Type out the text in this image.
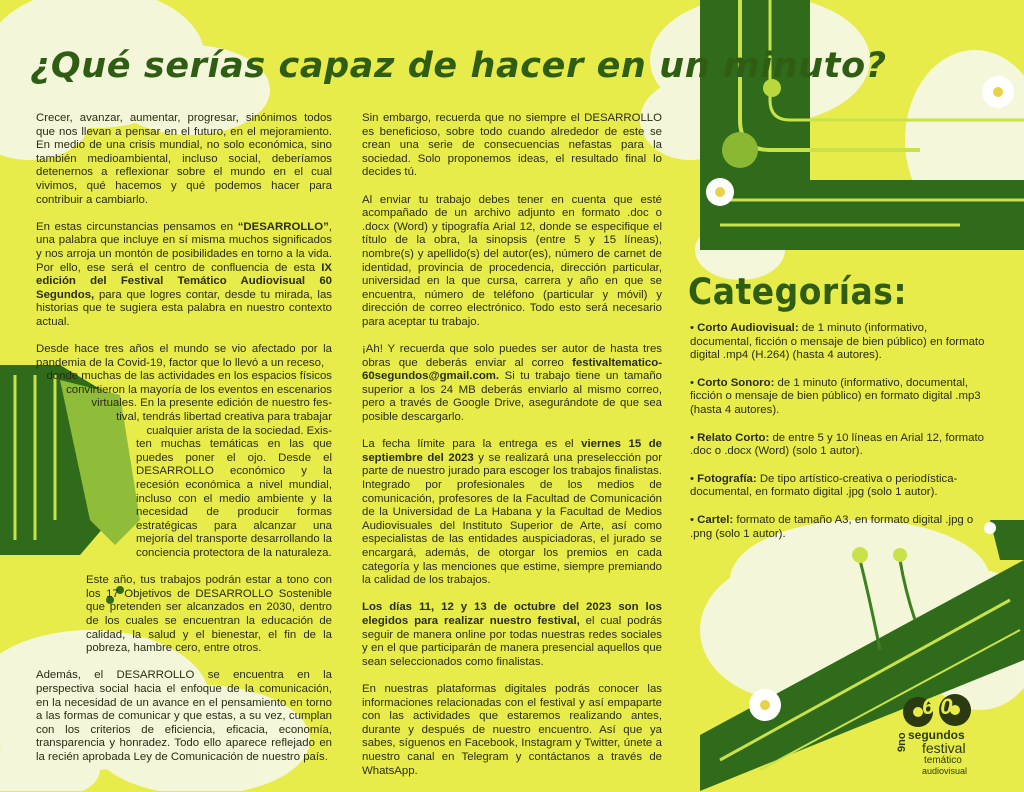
¿Qué serías capaz de hacer en un minuto?

Crecer, avanzar, aumentar, progresar, sinónimos todos que nos llevan a pensar en el futuro, en el mejoramiento. En medio de una crisis mundial, no solo económica, sino también medioambiental, incluso social, deberíamos detenernos a reflexionar sobre el mundo en el cual vivimos, qué hacemos y qué podemos hacer para contribuir a cambiarlo.

En estas circunstancias pensamos en “DESARROLLO”, una palabra que incluye en sí misma muchos significados y nos arroja un montón de posibilidades en torno a la vida. Por ello, ese será el centro de confluencia de esta IX edición del Festival Temático Audiovisual 60 Segundos, para que logres contar, desde tu mirada, las historias que te sugiera esta palabra en nuestro contexto actual.

Desde hace tres años el mundo se vio afectado por la pandemia de la Covid-19, factor que lo llevó a un receso,

donde muchas de las actividades en los espacios físicos
convirtieron la mayoría de los eventos en escenarios
virtuales. En la presente edición de nuestro fes-
tival, tendrás libertad creativa para trabajar
cualquier arista de la sociedad. Exis-
ten muchas temáticas en las que puedes poner el ojo. Desde el DESARROLLO económico y la recesión económica a nivel mundial, incluso con el medio ambiente y la necesidad de producir formas estratégicas para alcanzar una mejoría del transporte desarrollando la conciencia protectora de la naturaleza.

Este año, tus trabajos podrán estar a tono con los 17 Objetivos de DESARROLLO Sostenible que pretenden ser alcanzados en 2030, dentro de los cuales se encuentran la educación de calidad, la salud y el bienestar, el fin de la pobreza, hambre cero, entre otros.

Además, el DESARROLLO se encuentra en la perspectiva social hacia el enfoque de la comunicación, en la necesidad de un avance en el pensamiento en torno a las formas de comunicar y que estas, a su vez, cumplan con los criterios de eficiencia, eficacia, economía, transparencia y honradez. Todo ello aparece reflejado en la recién aprobada Ley de Comunicación de nuestro país.

Sin embargo, recuerda que no siempre el DESARROLLO es beneficioso, sobre todo cuando alrededor de este se crean una serie de consecuencias nefastas para la sociedad. Solo proponemos ideas, el resultado final lo decides tú.

Al enviar tu trabajo debes tener en cuenta que esté acompañado de un archivo adjunto en formato .doc o .docx (Word) y tipografía Arial 12, donde se especifique el título de la obra, la sinopsis (entre 5 y 15 líneas), nombre(s) y apellido(s) del autor(es), número de carnet de identidad, provincia de procedencia, dirección particular, universidad en la que cursa, carrera y año en que se encuentra, número de teléfono (particular y móvil) y dirección de correo electrónico. Todo esto será necesario para aceptar tu trabajo.

¡Ah! Y recuerda que solo puedes ser autor de hasta tres obras que deberás enviar al correo festivaltematico-60segundos@gmail.com. Si tu trabajo tiene un tamaño superior a los 24 MB deberás enviarlo al mismo correo, pero a través de Google Drive, asegurándote de que sea posible descargarlo.

La fecha límite para la entrega es el viernes 15 de septiembre del 2023 y se realizará una preselección por parte de nuestro jurado para escoger los trabajos finalistas. Integrado por profesionales de los medios de comunicación, profesores de la Facultad de Comunicación de la Universidad de La Habana y la Facultad de Medios Audiovisuales del Instituto Superior de Arte, así como especialistas de las entidades auspiciadoras, el jurado se encargará, además, de otorgar los premios en cada categoría y las menciones que estime, siempre premiando la calidad de los trabajos.

Los días 11, 12 y 13 de octubre del 2023 son los elegidos para realizar nuestro festival, el cual podrás seguir de manera online por todas nuestras redes sociales y en el que participarán de manera presencial aquellos que sean seleccionados como finalistas.

En nuestras plataformas digitales podrás conocer las informaciones relacionadas con el festival y así empaparte con las actividades que estaremos realizando antes, durante y después de nuestro encuentro. Así que ya sabes, síguenos en Facebook, Instagram y Twitter, únete a nuestro canal en Telegram y contáctanos a través de WhatsApp.

Categorías:

• Corto Audiovisual: de 1 minuto (informativo, documental, ficción o mensaje de bien público) en formato digital .mp4 (H.264) (hasta 4 autores).

• Corto Sonoro: de 1 minuto (informativo, documental, ficción o mensaje de bien público) en formato digital .mp3 (hasta 4 autores).

• Relato Corto: de entre 5 y 10 líneas en Arial 12, formato .doc o .docx (Word) (solo 1 autor).

• Fotografía: De tipo artístico-creativa o periodística-documental, en formato digital .jpg (solo 1 autor).

• Cartel: formato de tamaño A3, en formato digital .jpg o .png (solo 1 autor).

60
segundos
festival
temático
audiovisual
9no
